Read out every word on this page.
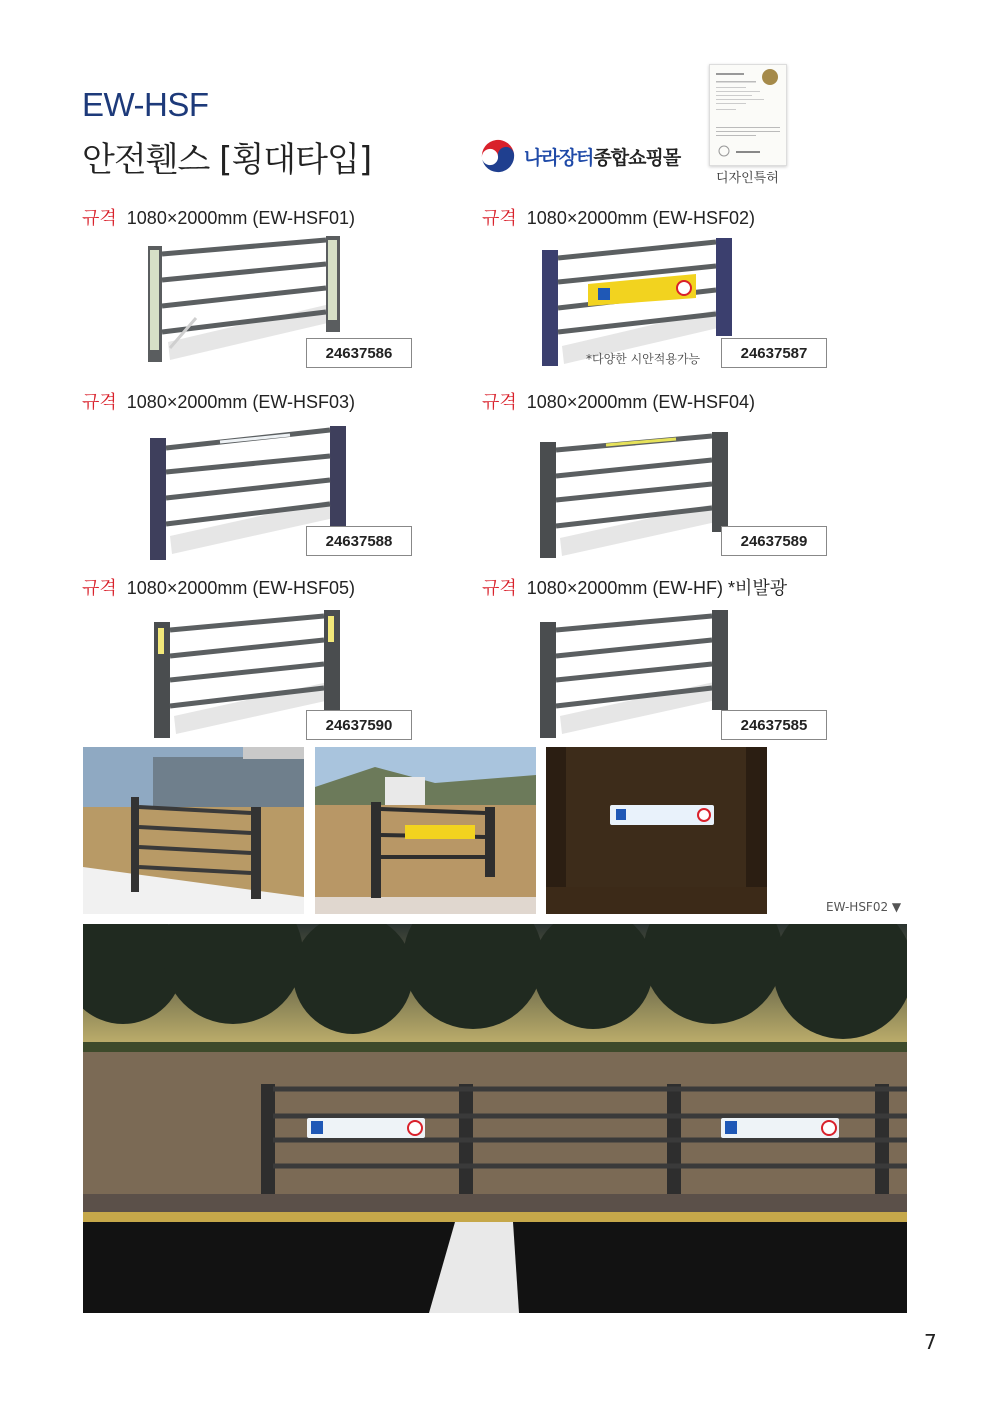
EW-HSF
안전휀스 [횡대타입]	나라장터종합쇼핑몰
디자인특허
규격 1080×2000mm (EW-HSF01)
24637586
규격 1080×2000mm (EW-HSF02)
*다양한 시안적용가능	24637587
규격 1080×2000mm (EW-HSF03)
24637588
규격 1080×2000mm (EW-HSF04)
24637589
규격 1080×2000mm (EW-HSF05)
24637590
규격 1080×2000mm (EW-HF) *비발광
24637585
EW-HSF02 ▼
7
